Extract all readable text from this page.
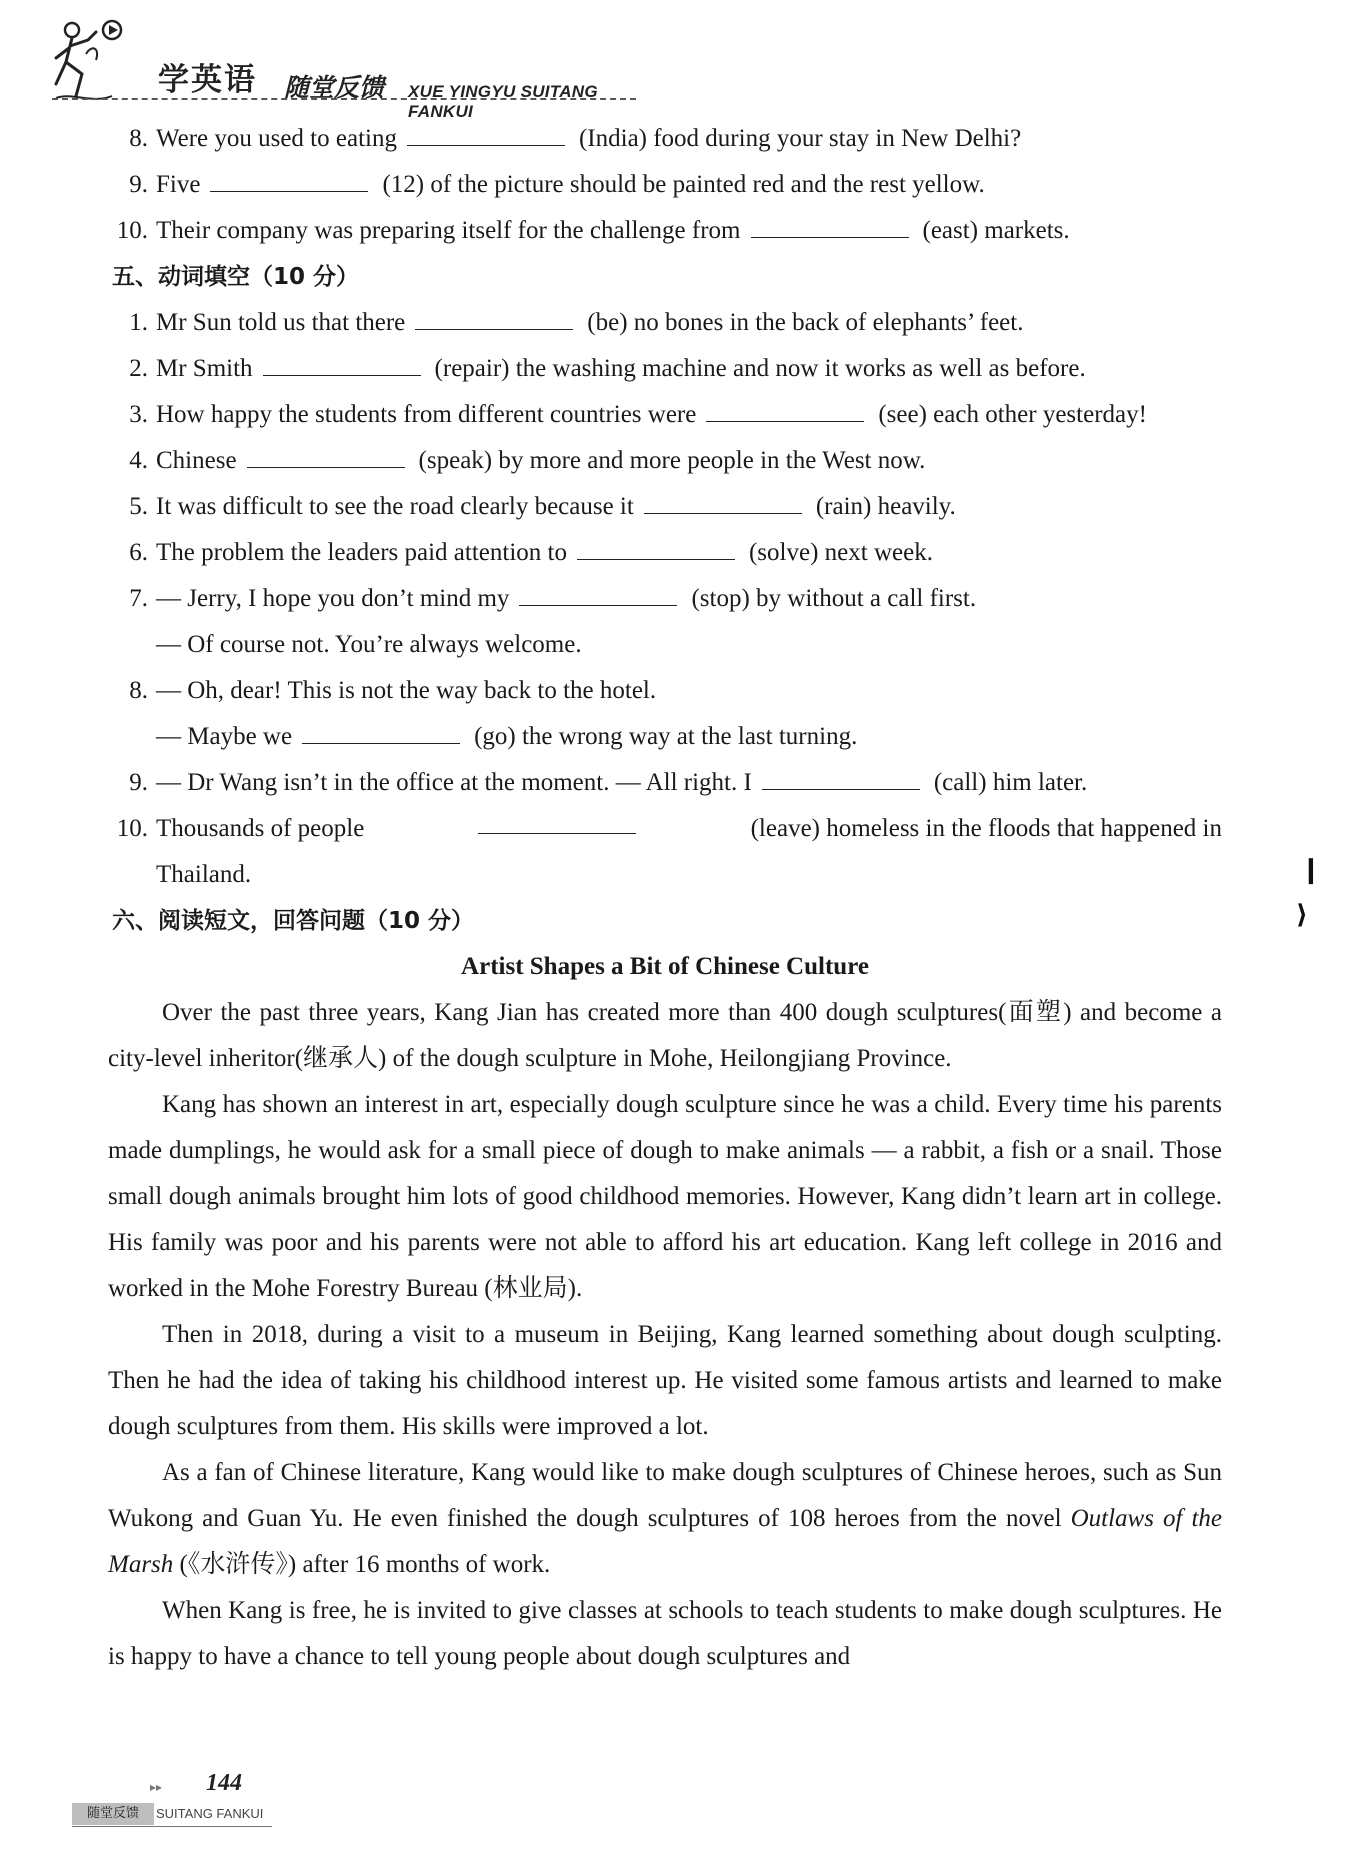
学英语 随堂反馈 XUE YINGYU SUITANG FANKUI
8. Were you used to eating	(India) food during your stay in New Delhi?
9. Five	(12) of the picture should be painted red and the rest yellow.
10. Their company was preparing itself for the challenge from	(east) markets.
五、动词填空（10 分）
1. Mr Sun told us that there	(be) no bones in the back of elephants’ feet.
2. Mr Smith	(repair) the washing machine and now it works as well as before.
3. How happy the students from different countries were	(see) each other yesterday!
4. Chinese	(speak) by more and more people in the West now.
5. It was difficult to see the road clearly because it	(rain) heavily.
6. The problem the leaders paid attention to	(solve) next week.
7. — Jerry, I hope you don’t mind my	(stop) by without a call first.
— Of course not. You’re always welcome.
8. — Oh, dear! This is not the way back to the hotel.
— Maybe we	(go) the wrong way at the last turning.
9. — Dr Wang isn’t in the office at the moment. — All right. I	(call) him later.
10. Thousands of people	(leave) homeless in the floods that happened in
Thailand.
六、阅读短文，回答问题（10 分）
Artist Shapes a Bit of Chinese Culture

Over the past three years, Kang Jian has created more than 400 dough sculptures(面塑) and become a city-level inheritor(继承人) of the dough sculpture in Mohe, Heilongjiang Province.

Kang has shown an interest in art, especially dough sculpture since he was a child. Every time his parents made dumplings, he would ask for a small piece of dough to make animals — a rabbit, a fish or a snail. Those small dough animals brought him lots of good childhood memories. However, Kang didn’t learn art in college. His family was poor and his parents were not able to afford his art education. Kang left college in 2016 and worked in the Mohe Forestry Bureau (林业局).

Then in 2018, during a visit to a museum in Beijing, Kang learned something about dough sculpting. Then he had the idea of taking his childhood interest up. He visited some famous artists and learned to make dough sculptures from them. His skills were improved a lot.

As a fan of Chinese literature, Kang would like to make dough sculptures of Chinese heroes, such as Sun Wukong and Guan Yu. He even finished the dough sculptures of 108 heroes from the novel Outlaws of the Marsh (《水浒传》) after 16 months of work.

When Kang is free, he is invited to give classes at schools to teach students to make dough sculptures. He is happy to have a chance to tell young people about dough sculptures and

❙
⟩
▸▸ 144
随堂反馈	SUITANG FANKUI
